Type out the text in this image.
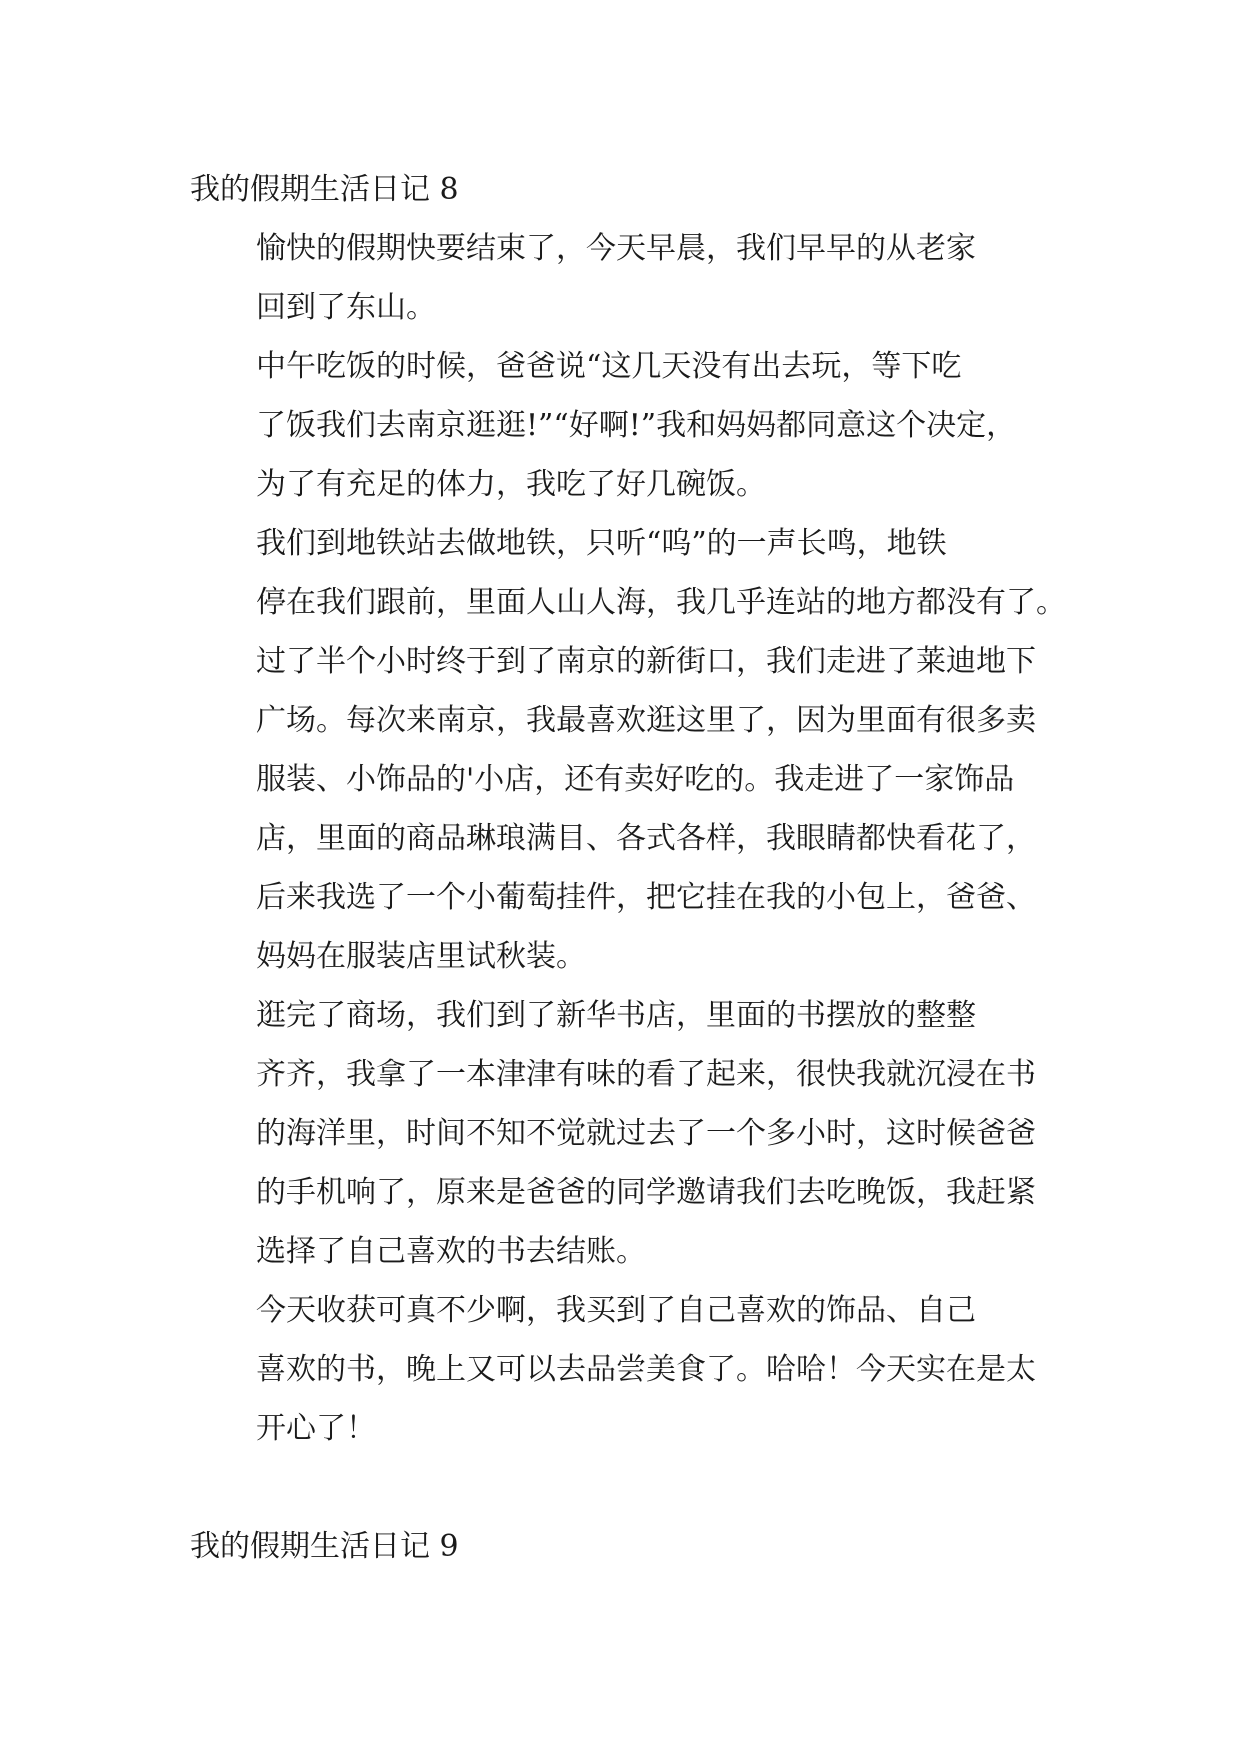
我的假期生活日记 8

愉快的假期快要结束了，今天早晨，我们早早的从老家
回到了东山。

中午吃饭的时候，爸爸说“这几天没有出去玩，等下吃
了饭我们去南京逛逛!”“好啊!”我和妈妈都同意这个决定，
为了有充足的体力，我吃了好几碗饭。

我们到地铁站去做地铁，只听“呜”的一声长鸣，地铁
停在我们跟前，里面人山人海，我几乎连站的地方都没有了。
过了半个小时终于到了南京的新街口，我们走进了莱迪地下
广场。每次来南京，我最喜欢逛这里了，因为里面有很多卖
服装、小饰品的'小店，还有卖好吃的。我走进了一家饰品
店，里面的商品琳琅满目、各式各样，我眼睛都快看花了，
后来我选了一个小葡萄挂件，把它挂在我的小包上，爸爸、
妈妈在服装店里试秋装。

逛完了商场，我们到了新华书店，里面的书摆放的整整
齐齐，我拿了一本津津有味的看了起来，很快我就沉浸在书
的海洋里，时间不知不觉就过去了一个多小时，这时候爸爸
的手机响了，原来是爸爸的同学邀请我们去吃晚饭，我赶紧
选择了自己喜欢的书去结账。

今天收获可真不少啊，我买到了自己喜欢的饰品、自己
喜欢的书，晚上又可以去品尝美食了。哈哈！今天实在是太
开心了！

我的假期生活日记 9
